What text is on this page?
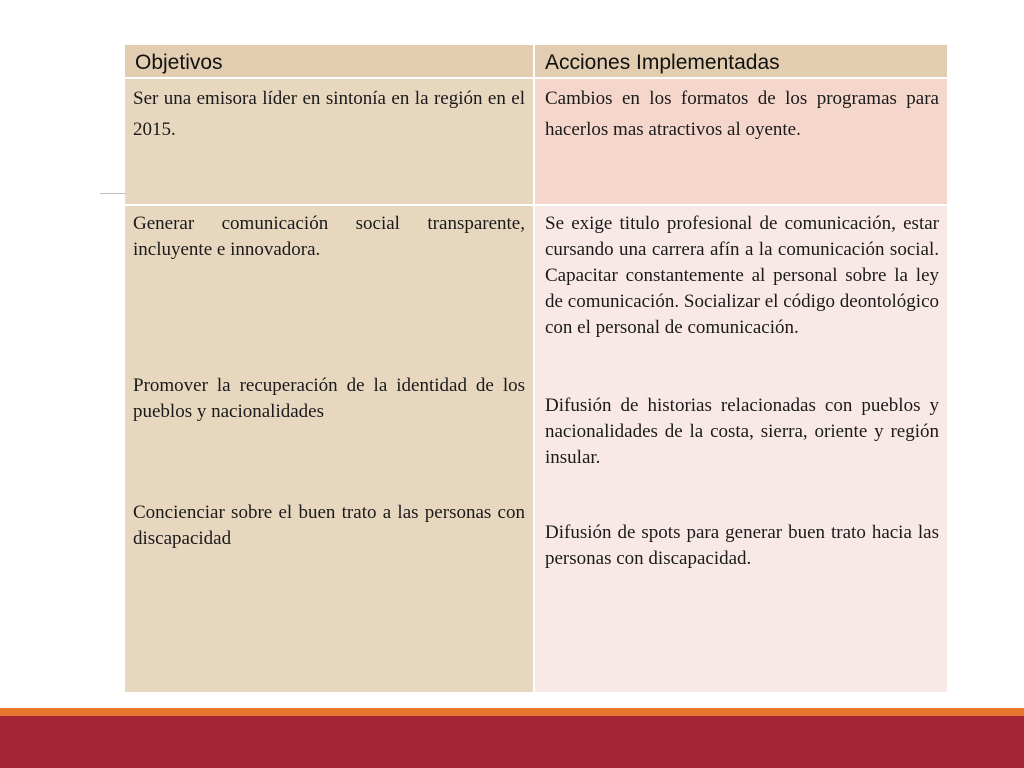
Objetivos	Acciones Implementadas

Ser una emisora líder en sintonía en la región en el 2015.

Cambios en los formatos de los programas para hacerlos mas atractivos al oyente.

Generar comunicación social transparente, incluyente e innovadora.

Promover la recuperación de la identidad de los pueblos y nacionalidades

Concienciar sobre el buen trato a las personas con discapacidad

Se exige titulo profesional de comunicación, estar cursando una carrera afín a la comunicación social. Capacitar constantemente al personal sobre la ley de comunicación. Socializar el código deontológico con el personal de comunicación.

Difusión de historias relacionadas con pueblos y nacionalidades de la costa, sierra, oriente y región insular.

Difusión de spots para generar buen trato hacia las personas con discapacidad.
